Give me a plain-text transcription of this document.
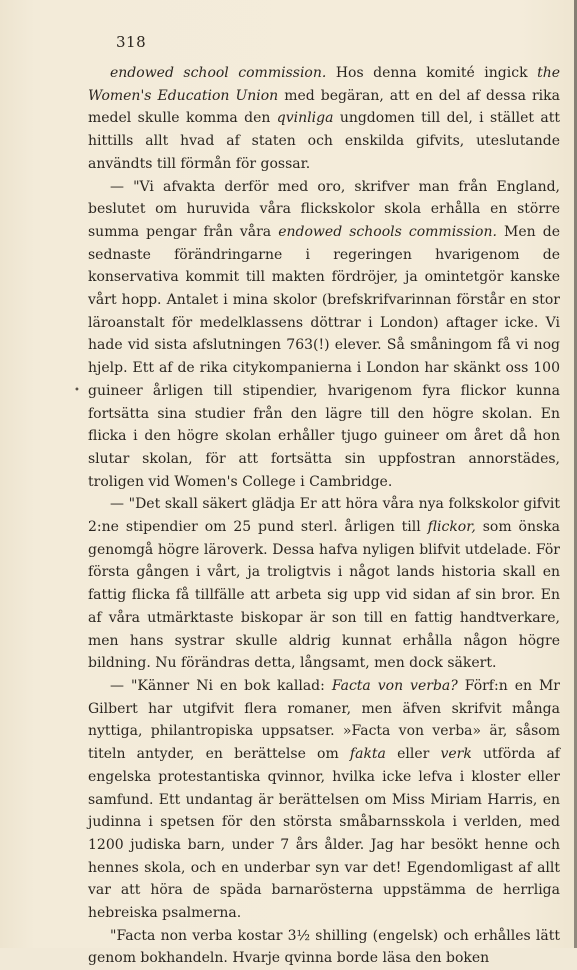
318
•

endowed school commission. Hos denna komité ingick the Women's Education Union med begäran, att en del af dessa rika medel skulle komma den qvinliga ungdomen till del, i stället att hittills allt hvad af staten och enskilda gifvits, uteslutande användts till förmån för gossar.

— "Vi afvakta derför med oro, skrifver man från England, beslutet om huruvida våra flickskolor skola erhålla en större summa pengar från våra endowed schools commission. Men de sednaste förändringarne i regeringen hvarigenom de konservativa kommit till makten fördröjer, ja omintetgör kanske vårt hopp. Antalet i mina skolor (brefskrifvarinnan förstår en stor läroanstalt för medelklassens döttrar i London) aftager icke. Vi hade vid sista afslutningen 763(!) elever. Så småningom få vi nog hjelp. Ett af de rika citykompanierna i London har skänkt oss 100 guineer årligen till stipendier, hvarigenom fyra flickor kunna fortsätta sina studier från den lägre till den högre skolan. En flicka i den högre skolan erhåller tjugo guineer om året då hon slutar skolan, för att fortsätta sin uppfostran annorstädes, troligen vid Women's College i Cambridge.

— "Det skall säkert glädja Er att höra våra nya folkskolor gifvit 2:ne stipendier om 25 pund sterl. årligen till flickor, som önska genomgå högre läroverk. Dessa hafva nyligen blifvit utdelade. För första gången i vårt, ja troligtvis i något lands historia skall en fattig flicka få tillfälle att arbeta sig upp vid sidan af sin bror. En af våra utmärktaste biskopar är son till en fattig handtverkare, men hans systrar skulle aldrig kunnat erhålla någon högre bildning. Nu förändras detta, långsamt, men dock säkert.

— "Känner Ni en bok kallad: Facta von verba? Förf:n en Mr Gilbert har utgifvit flera romaner, men äfven skrifvit många nyttiga, philantropiska uppsatser. »Facta von verba» är, såsom titeln antyder, en berättelse om fakta eller verk utförda af engelska protestantiska qvinnor, hvilka icke lefva i kloster eller samfund. Ett undantag är berättelsen om Miss Miriam Harris, en judinna i spetsen för den största småbarnsskola i verlden, med 1200 judiska barn, under 7 års ålder. Jag har besökt henne och hennes skola, och en underbar syn var det! Egendomligast af allt var att höra de späda barnarösterna uppstämma de herrliga hebreiska psalmerna.

"Facta non verba kostar 3½ shilling (engelsk) och erhålles lätt genom bokhandeln. Hvarje qvinna borde läsa den boken
